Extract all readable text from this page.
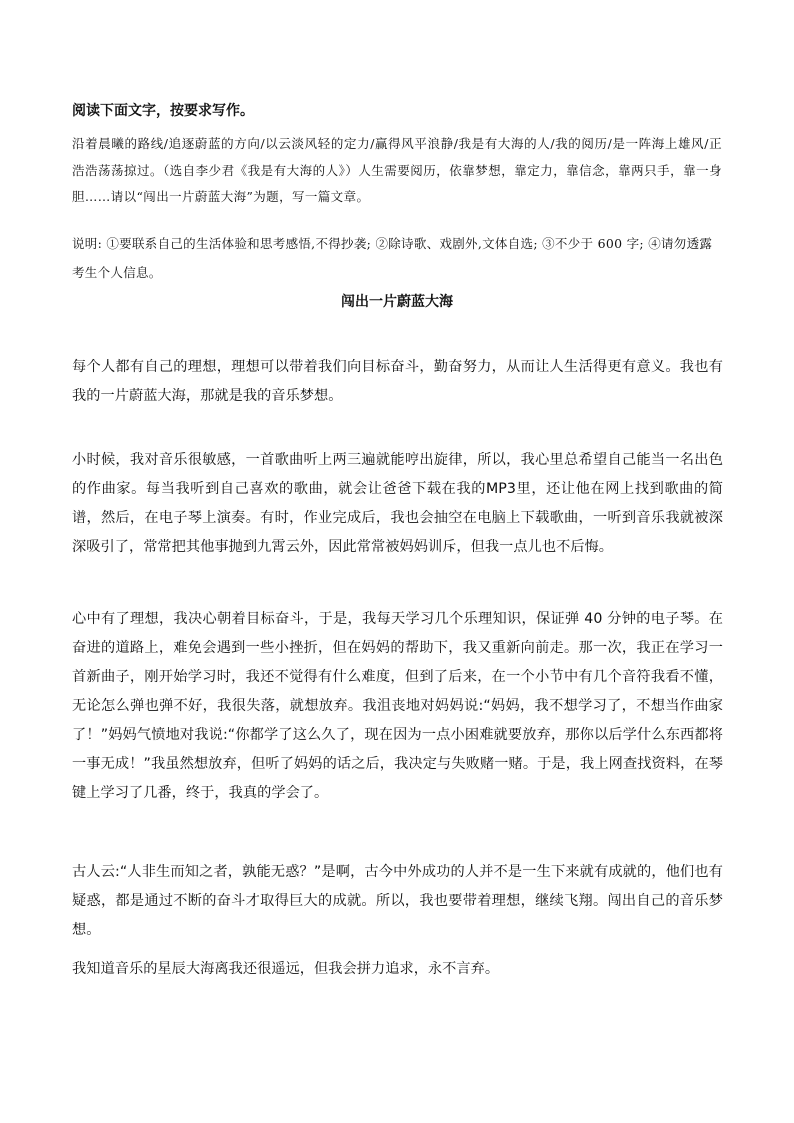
阅读下面文字，按要求写作。
沿着晨曦的路线/追逐蔚蓝的方向/以云淡风轻的定力/赢得风平浪静/我是有大海的人/我的阅历/是一阵海上雄风/正浩浩荡荡掠过。（选自李少君《我是有大海的人》）人生需要阅历，依靠梦想，靠定力，靠信念，靠两只手，靠一身胆……请以“闯出一片蔚蓝大海”为题，写一篇文章。
说明: ①要联系自己的生活体验和思考感悟,不得抄袭; ②除诗歌、戏剧外,文体自选; ③不少于 600 字; ④请勿透露考生个人信息。
闯出一片蔚蓝大海
每个人都有自己的理想，理想可以带着我们向目标奋斗，勤奋努力，从而让人生活得更有意义。我也有我的一片蔚蓝大海，那就是我的音乐梦想。
小时候，我对音乐很敏感，一首歌曲听上两三遍就能哼出旋律，所以，我心里总希望自己能当一名出色的作曲家。每当我听到自己喜欢的歌曲，就会让爸爸下载在我的MP3里，还让他在网上找到歌曲的简谱，然后，在电子琴上演奏。有时，作业完成后，我也会抽空在电脑上下载歌曲，一听到音乐我就被深深吸引了，常常把其他事抛到九霄云外，因此常常被妈妈训斥，但我一点儿也不后悔。
心中有了理想，我决心朝着目标奋斗，于是，我每天学习几个乐理知识，保证弹 40 分钟的电子琴。在奋进的道路上，难免会遇到一些小挫折，但在妈妈的帮助下，我又重新向前走。那一次，我正在学习一首新曲子，刚开始学习时，我还不觉得有什么难度，但到了后来，在一个小节中有几个音符我看不懂，无论怎么弹也弹不好，我很失落，就想放弃。我沮丧地对妈妈说:“妈妈，我不想学习了，不想当作曲家了！”妈妈气愤地对我说:“你都学了这么久了，现在因为一点小困难就要放弃，那你以后学什么东西都将一事无成！”我虽然想放弃，但听了妈妈的话之后，我决定与失败赌一赌。于是，我上网查找资料，在琴键上学习了几番，终于，我真的学会了。
古人云:“人非生而知之者，孰能无惑？”是啊，古今中外成功的人并不是一生下来就有成就的，他们也有疑惑，都是通过不断的奋斗才取得巨大的成就。所以，我也要带着理想，继续飞翔。闯出自己的音乐梦想。
我知道音乐的星辰大海离我还很遥远，但我会拼力追求，永不言弃。
